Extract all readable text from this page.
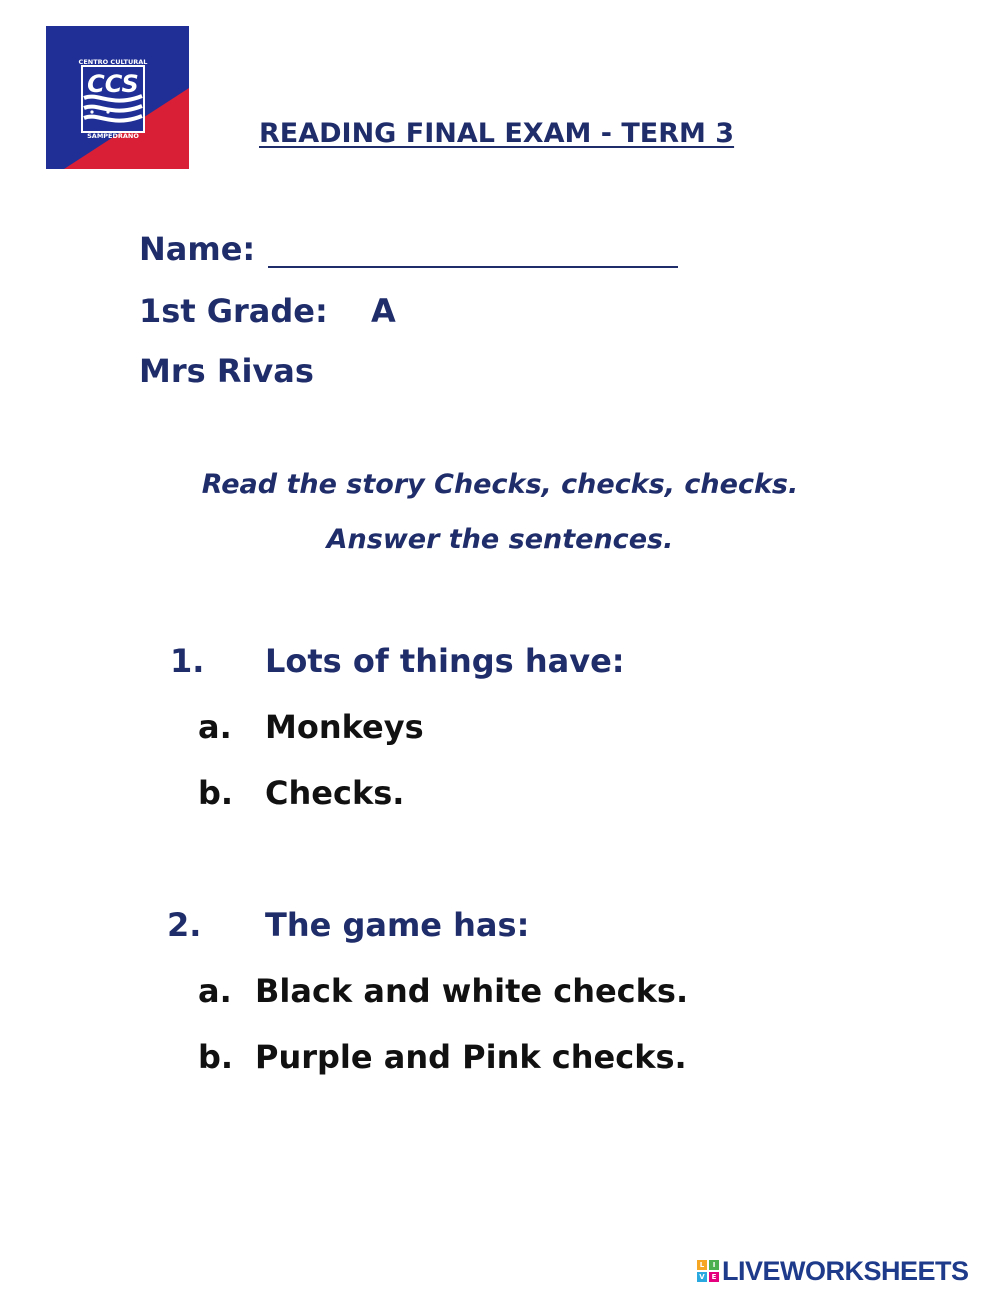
CENTRO CULTURAL
CCS
SAMPEDRANO	READING FINAL EXAM - TERM 3
Name:
1st Grade: A
Mrs Rivas
Read the story Checks, checks, checks.
Answer the sentences.
1. Lots of things have:
a. Monkeys
b. Checks.
2. The game has:
a. Black and white checks.
b. Purple and Pink checks.
L	I
V E LIVEWORKSHEETS
